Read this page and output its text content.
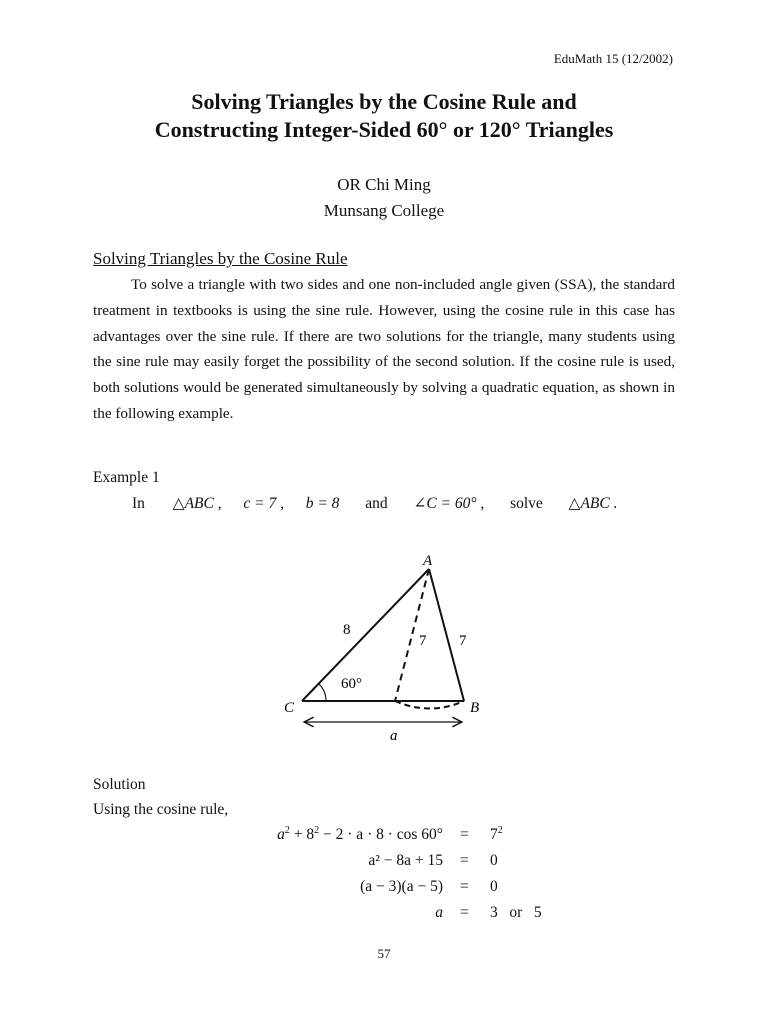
EduMath 15 (12/2002)
Solving Triangles by the Cosine Rule and
Constructing Integer-Sided 60° or 120° Triangles
OR Chi Ming
Munsang College
Solving Triangles by the Cosine Rule
To solve a triangle with two sides and one non-included angle given (SSA), the standard treatment in textbooks is using the sine rule. However, using the cosine rule in this case has advantages over the sine rule. If there are two solutions for the triangle, many students using the sine rule may easily forget the possibility of the second solution. If the cosine rule is used, both solutions would be generated simultaneously by solving a quadratic equation, as shown in the following example.
Example 1
In △ABC , c = 7 , b = 8 and ∠C = 60° , solve △ABC .
A
C	B
8
7 7
60°
a
Solution
Using the cosine rule,
$a^2 + 8^2 - 2 \cdot a \cdot 8 \cdot \cos 60^\circ = 7^2$
a² − 8a + 15 = 0
(a − 3)(a − 5) = 0
a = 3   or   5
57
